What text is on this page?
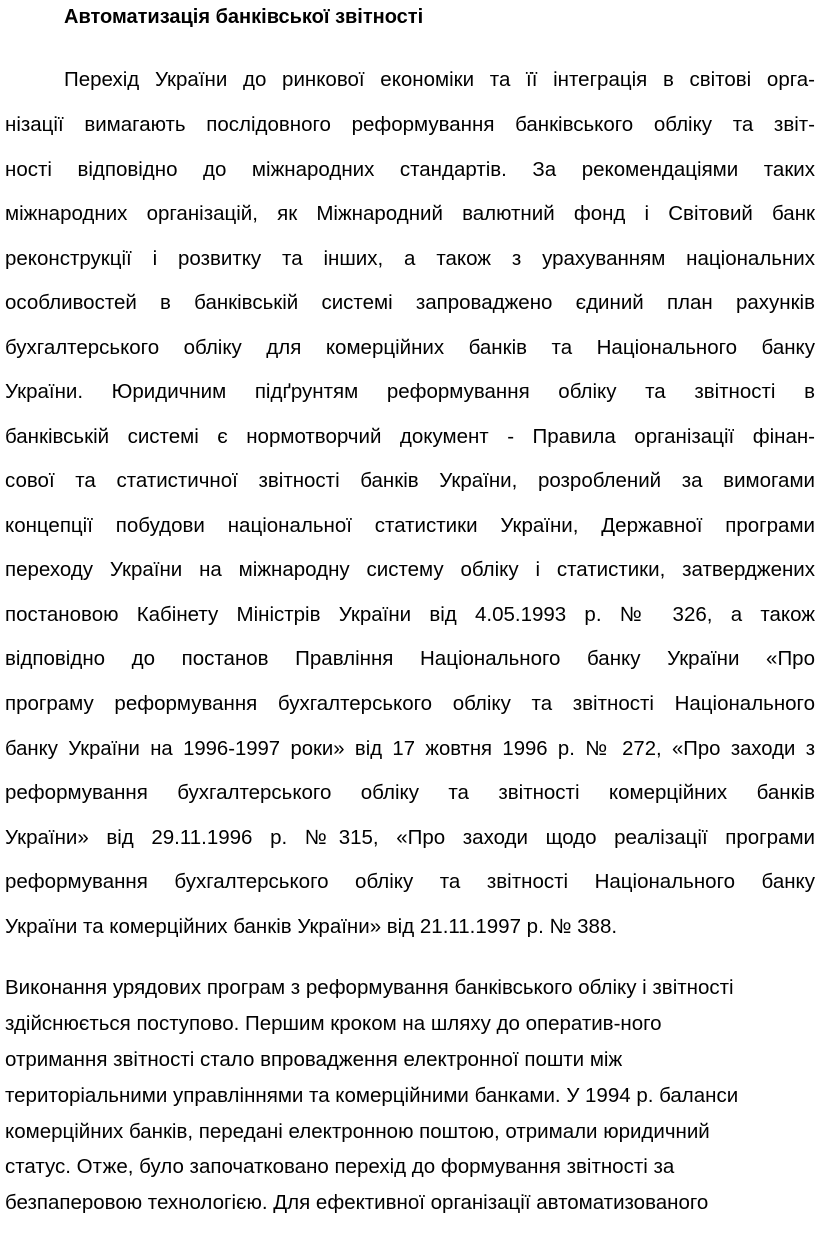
Автоматизація банківської звітності
Перехід України до ринкової економіки та її інтеграція в світові орга-
нізації вимагають послідовного реформування банківського обліку та звіт-
ності відповідно до міжнародних стандартів. За рекомендаціями таких
міжнародних організацій, як Міжнародний валютний фонд і Світовий банк
реконструкції і розвитку та інших, а також з урахуванням національних
особливостей в банківській системі запроваджено єдиний план рахунків
бухгалтерського обліку для комерційних банків та Національного банку
України. Юридичним підґрунтям реформування обліку та звітності в
банківській системі є нормотворчий документ - Правила організації фінан-
сової та статистичної звітності банків України, розроблений за вимогами
концепції побудови національної статистики України, Державної програми
переходу України на міжнародну систему обліку і статистики, затверджених
постановою Кабінету Міністрів України від 4.05.1993 р. № 326, а також
відповідно до постанов Правління Національного банку України «Про
програму реформування бухгалтерського обліку та звітності Національного
банку України на 1996-1997 роки» від 17 жовтня 1996 р. № 272, «Про заходи з
реформування бухгалтерського обліку та звітності комерційних банків
України» від 29.11.1996 р. №315, «Про заходи щодо реалізації програми
реформування бухгалтерського обліку та звітності Національного банку
України та комерційних банків України» від 21.11.1997 р. № 388.
Виконання урядових програм з реформування банківського обліку і звітності
здійснюється поступово. Першим кроком на шляху до оператив-ного
отримання звітності стало впровадження електронної пошти між
територіальними управліннями та комерційними банками. У 1994 р. баланси
комерційних банків, передані електронною поштою, отримали юридичний
статус. Отже, було започатковано перехід до формування звітності за
безпаперовою технологією. Для ефективної організації автоматизованого
